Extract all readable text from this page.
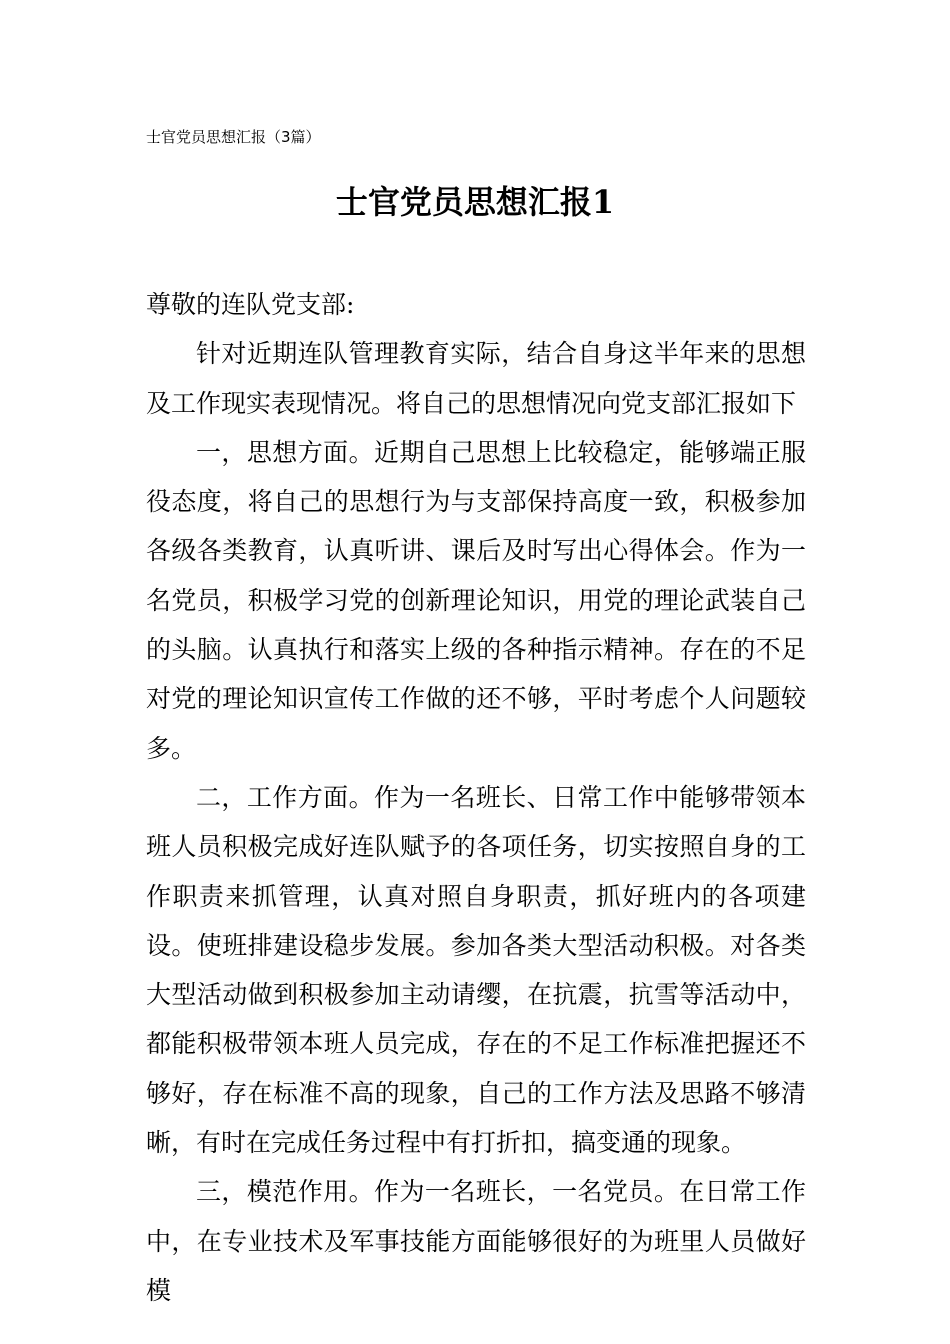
士官党员思想汇报（3篇）
士官党员思想汇报1

尊敬的连队党支部:

针对近期连队管理教育实际，结合自身这半年来的思想及工作现实表现情况。将自己的思想情况向党支部汇报如下

一，思想方面。近期自己思想上比较稳定，能够端正服役态度，将自己的思想行为与支部保持高度一致，积极参加各级各类教育，认真听讲、课后及时写出心得体会。作为一名党员，积极学习党的创新理论知识，用党的理论武装自己的头脑。认真执行和落实上级的各种指示精神。存在的不足对党的理论知识宣传工作做的还不够，平时考虑个人问题较多。

二，工作方面。作为一名班长、日常工作中能够带领本班人员积极完成好连队赋予的各项任务，切实按照自身的工作职责来抓管理，认真对照自身职责，抓好班内的各项建设。使班排建设稳步发展。参加各类大型活动积极。对各类大型活动做到积极参加主动请缨，在抗震，抗雪等活动中，都能积极带领本班人员完成，存在的不足工作标准把握还不够好，存在标准不高的现象，自己的工作方法及思路不够清晰，有时在完成任务过程中有打折扣，搞变通的现象。

三，模范作用。作为一名班长，一名党员。在日常工作中，在专业技术及军事技能方面能够很好的为班里人员做好模
